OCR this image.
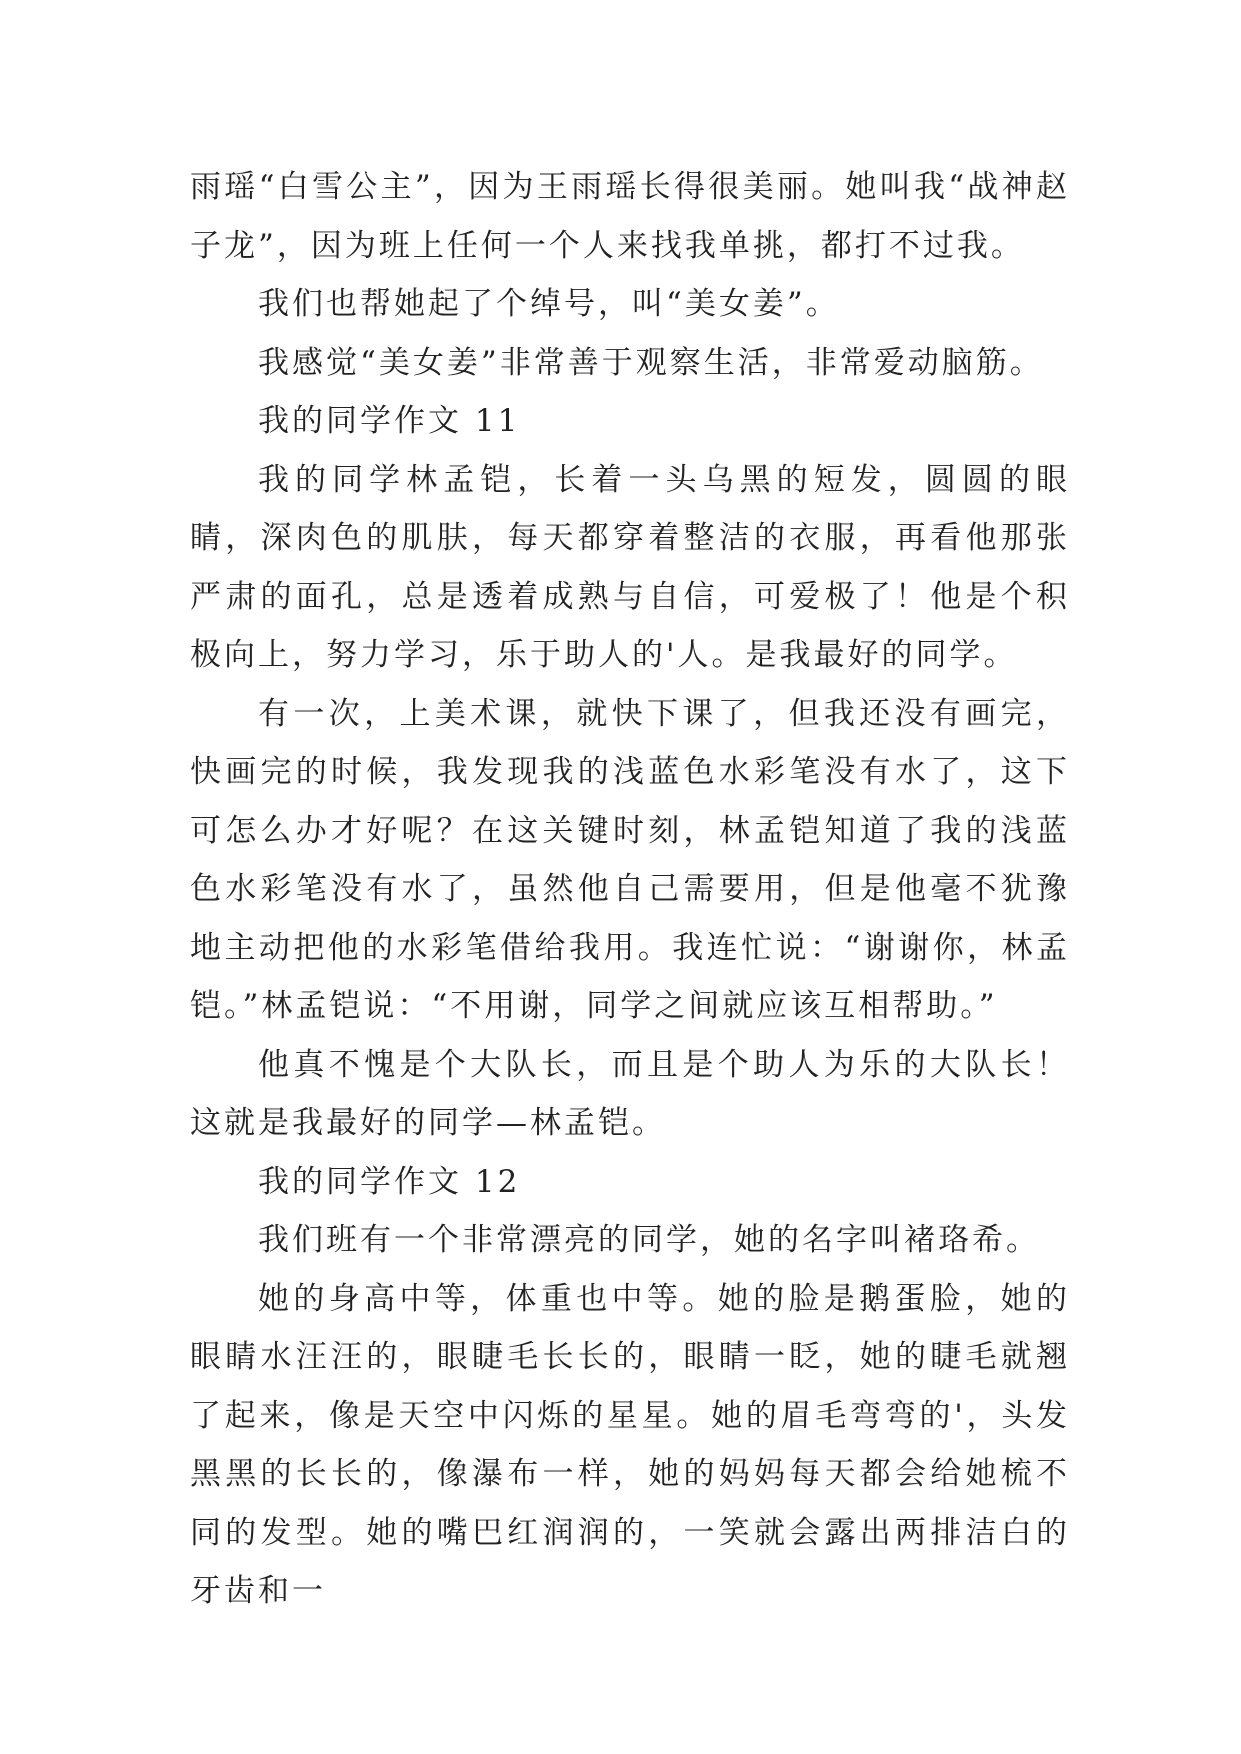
雨瑶“白雪公主”，因为王雨瑶长得很美丽。她叫我“战神赵子龙”，因为班上任何一个人来找我单挑，都打不过我。

我们也帮她起了个绰号，叫“美女姜”。

我感觉“美女姜”非常善于观察生活，非常爱动脑筋。

我的同学作文 11

我的同学林孟铠，长着一头乌黑的短发，圆圆的眼睛，深肉色的肌肤，每天都穿着整洁的衣服，再看他那张严肃的面孔，总是透着成熟与自信，可爱极了！他是个积极向上，努力学习，乐于助人的'人。是我最好的同学。

有一次，上美术课，就快下课了，但我还没有画完，快画完的时候，我发现我的浅蓝色水彩笔没有水了，这下可怎么办才好呢？在这关键时刻，林孟铠知道了我的浅蓝色水彩笔没有水了，虽然他自己需要用，但是他毫不犹豫地主动把他的水彩笔借给我用。我连忙说：“谢谢你，林孟铠。”林孟铠说：“不用谢，同学之间就应该互相帮助。”

他真不愧是个大队长，而且是个助人为乐的大队长！这就是我最好的同学—林孟铠。

我的同学作文 12

我们班有一个非常漂亮的同学，她的名字叫褚珞希。

她的身高中等，体重也中等。她的脸是鹅蛋脸，她的眼睛水汪汪的，眼睫毛长长的，眼睛一眨，她的睫毛就翘了起来，像是天空中闪烁的星星。她的眉毛弯弯的'，头发黑黑的长长的，像瀑布一样，她的妈妈每天都会给她梳不同的发型。她的嘴巴红润润的，一笑就会露出两排洁白的牙齿和一
